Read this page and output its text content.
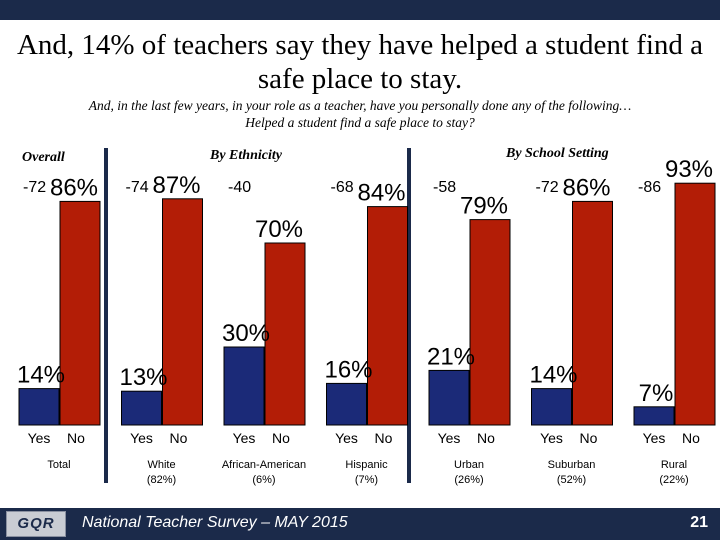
And, 14% of teachers say they have helped a student find a safe place to stay.
And, in the last few years, in your role as a teacher, have you personally done any of the following…
Helped a student find a safe place to stay?
Overall	By Ethnicity	By School Setting
14%
86%
-72
Yes No
Total
13%
87%
-74
Yes No
White
(82%)
30%
70%
-40
Yes No
African-American
(6%)
16%
84%
-68
Yes No
Hispanic
(7%)
21%
79%
-58
Yes No
Urban
(26%)
14%
86%
-72
Yes No
Suburban
(52%)
7%
93%
-86
Yes No
Rural
(22%)
GQR	National Teacher Survey – MAY 2015	21
